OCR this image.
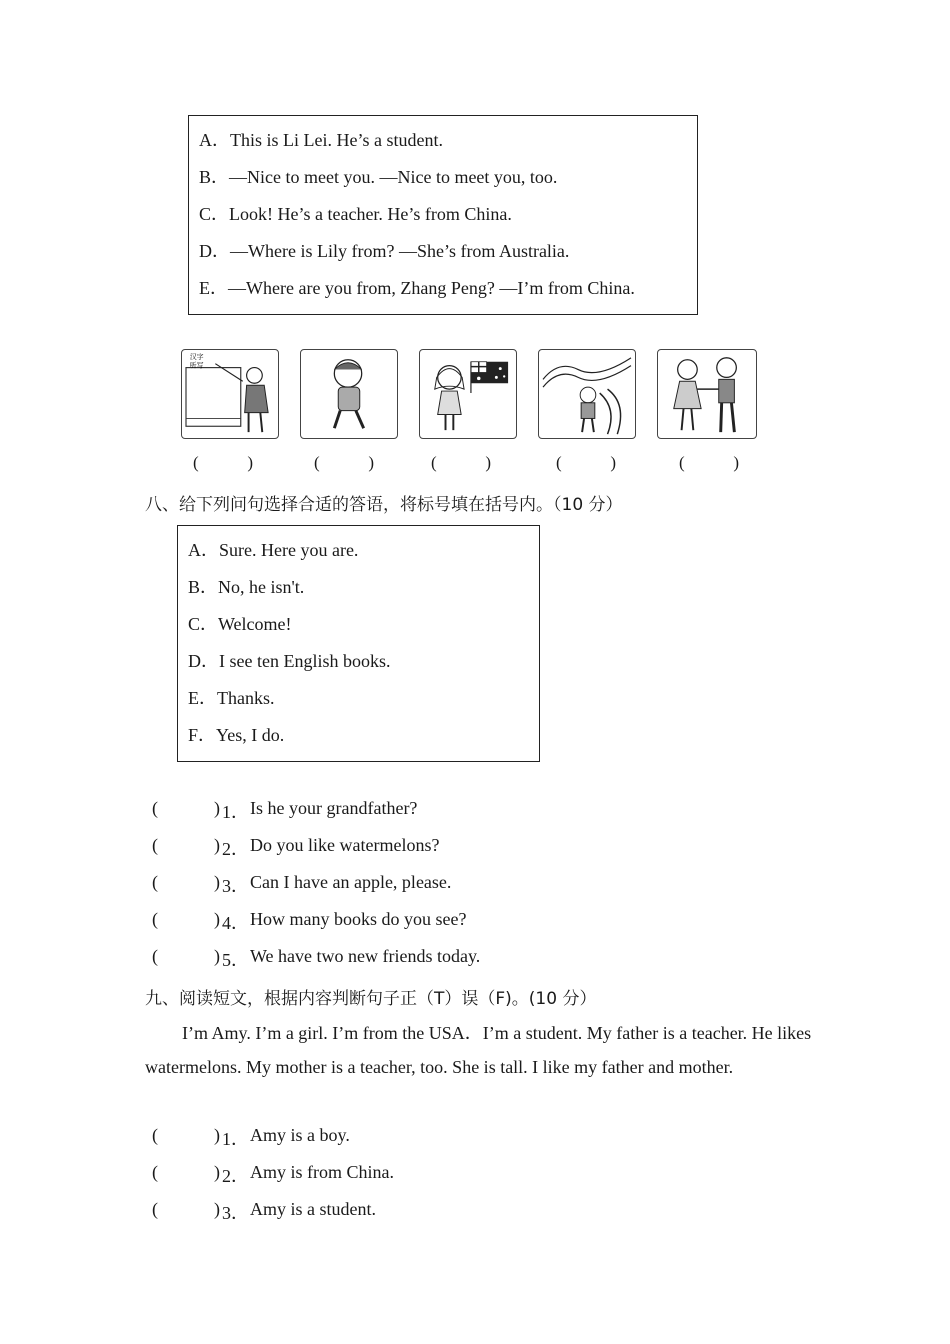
A．This is Li Lei. He’s a student.
B．—Nice to meet you. —Nice to meet you, too.
C．Look! He’s a teacher. He’s from China.
D．—Where is Lily from? —She’s from Australia.
E．—Where are you from, Zhang Peng? —I’m from China.
汉字
听写
(	)	(	)	(	)	(	)	(	)
八、给下列问句选择合适的答语，将标号填在括号内。（10 分）
A．Sure. Here you are.
B．No, he isn't.
C．Welcome!
D．I see ten English books.
E．Thanks.
F．Yes, I do.
(	) 1． Is he your grandfather?
(	) 2． Do you like watermelons?
(	) 3． Can I have an apple, please.
(	) 4． How many books do you see?
(	) 5． We have two new friends today.
九、阅读短文，根据内容判断句子正（T）误（F)。(10 分）
I’m Amy. I’m a girl. I’m from the USA．I’m a student. My father is a teacher. He likes watermelons. My mother is a teacher, too. She is tall. I like my father and mother.
(	) 1． Amy is a boy.
(	) 2． Amy is from China.
(	) 3． Amy is a student.
